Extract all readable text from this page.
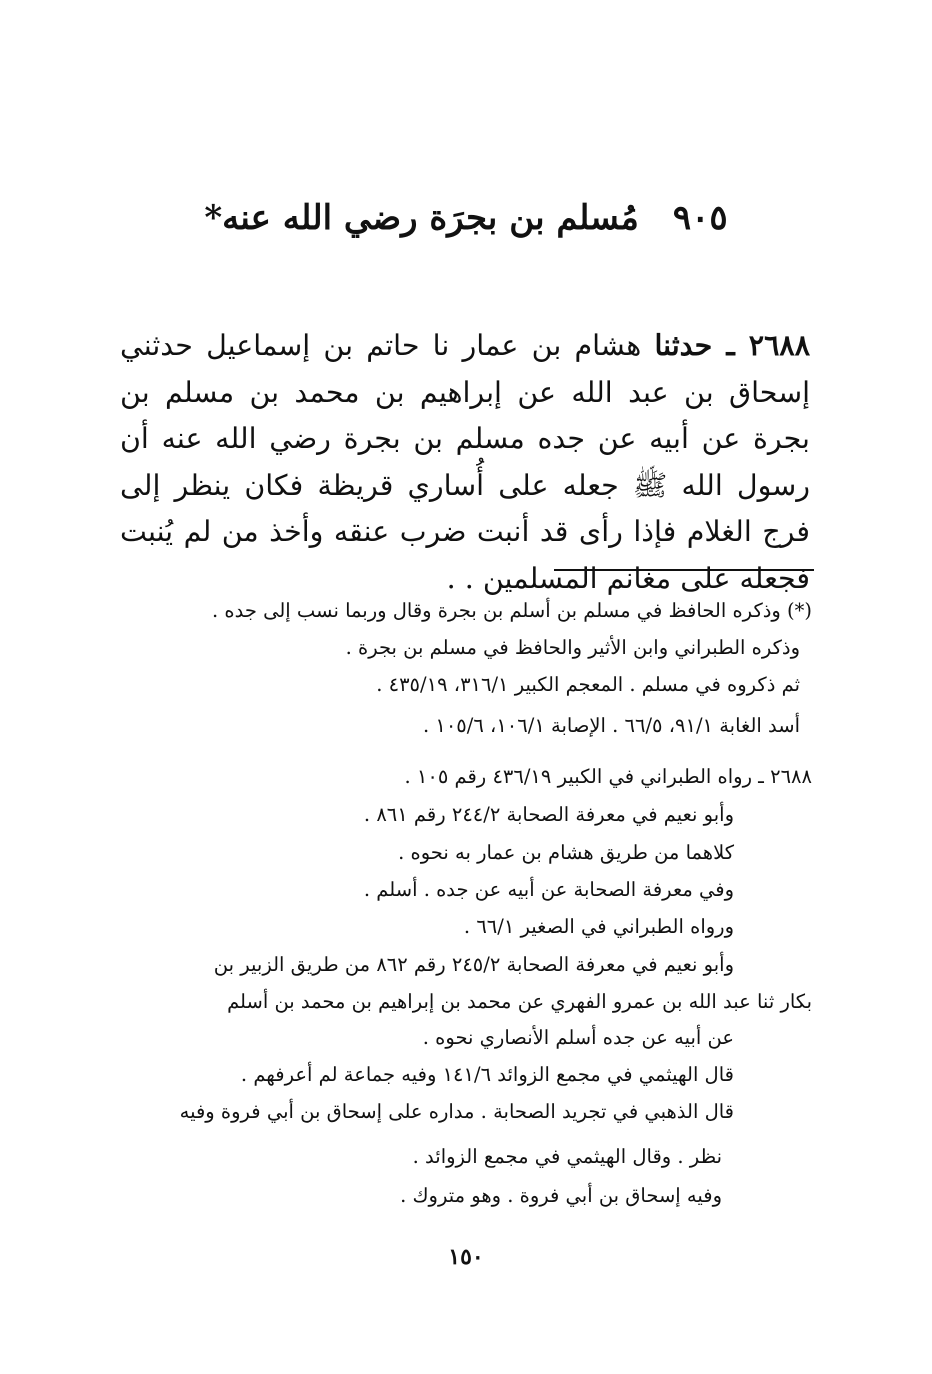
٩٠٥مُسلم بن بجرَة رضي الله عنه*

٢٦٨٨ ـ حدثنا هشام بن عمار نا حاتم بن إسماعيل حدثني إسحاق بن عبد الله عن إبراهيم بن محمد بن مسلم بن بجرة عن أبيه عن جده مسلم بن بجرة رضي الله عنه أن رسول الله ﷺ جعله على أُساري قريظة فكان ينظر إلى فرج الغلام فإذا رأى قد أنبت ضرب عنقه وأخذ من لم يُنبت فجعله على مغانم المسلمين . .

(*) وذكره الحافظ في مسلم بن أسلم بن بجرة وقال وربما نسب إلى جده .
وذكره الطبراني وابن الأثير والحافظ في مسلم بن بجرة .
ثم ذكروه في مسلم . المعجم الكبير ٣١٦/١، ٤٣٥/١٩ .
أسد الغابة ٩١/١، ٦٦/٥ . الإصابة ١٠٦/١، ١٠٥/٦ .
٢٦٨٨ ـ رواه الطبراني في الكبير ٤٣٦/١٩ رقم ١٠٥ .
وأبو نعيم في معرفة الصحابة ٢٤٤/٢ رقم ٨٦١ .
كلاهما من طريق هشام بن عمار به نحوه .
وفي معرفة الصحابة عن أبيه عن جده . أسلم .
ورواه الطبراني في الصغير ٦٦/١ .
وأبو نعيم في معرفة الصحابة ٢٤٥/٢ رقم ٨٦٢ من طريق الزبير بن
بكار ثنا عبد الله بن عمرو الفهري عن محمد بن إبراهيم بن محمد بن أسلم
عن أبيه عن جده أسلم الأنصاري نحوه .
قال الهيثمي في مجمع الزوائد ١٤١/٦ وفيه جماعة لم أعرفهم .
قال الذهبي في تجريد الصحابة . مداره على إسحاق بن أبي فروة وفيه
نظر . وقال الهيثمي في مجمع الزوائد .
وفيه إسحاق بن أبي فروة . وهو متروك .
١٥٠
